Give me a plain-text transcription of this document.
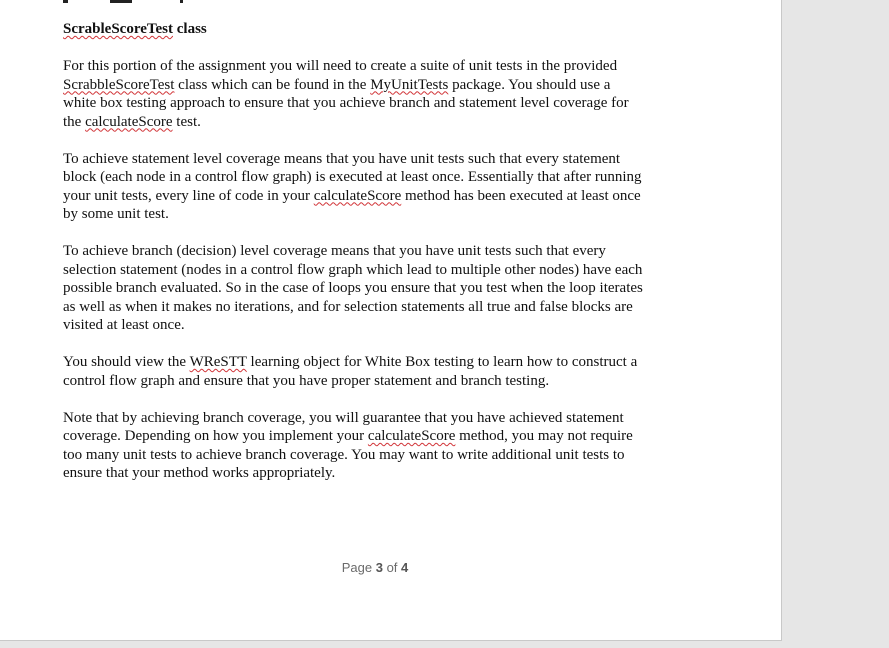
ScrableScoreTest class
For this portion of the assignment you will need to create a suite of unit tests in the provided
ScrabbleScoreTest class which can be found in the MyUnitTests package. You should use a
white box testing approach to ensure that you achieve branch and statement level coverage for
the calculateScore test.
To achieve statement level coverage means that you have unit tests such that every statement
block (each node in a control flow graph) is executed at least once. Essentially that after running
your unit tests, every line of code in your calculateScore method has been executed at least once
by some unit test.
To achieve branch (decision) level coverage means that you have unit tests such that every
selection statement (nodes in a control flow graph which lead to multiple other nodes) have each
possible branch evaluated. So in the case of loops you ensure that you test when the loop iterates
as well as when it makes no iterations, and for selection statements all true and false blocks are
visited at least once.
You should view the WReSTT learning object for White Box testing to learn how to construct a
control flow graph and ensure that you have proper statement and branch testing.
Note that by achieving branch coverage, you will guarantee that you have achieved statement
coverage. Depending on how you implement your calculateScore method, you may not require
too many unit tests to achieve branch coverage. You may want to write additional unit tests to
ensure that your method works appropriately.
Page 3 of 4
